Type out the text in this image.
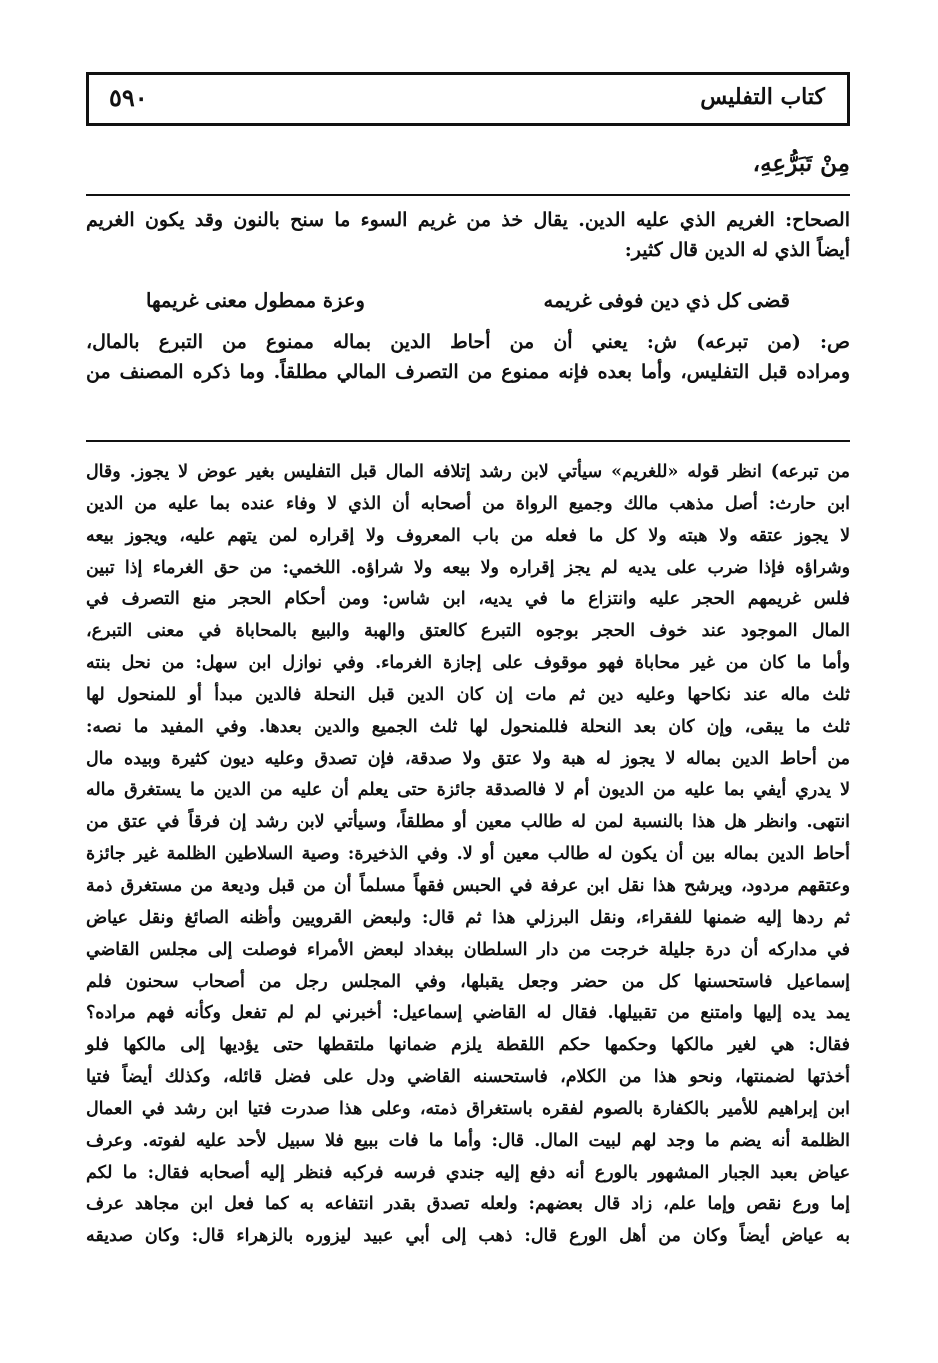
كتاب التفليس
٥٩٠
مِنْ تَبَرُّعِهِ،
الصحاح: الغريم الذي عليه الدين. يقال خذ من غريم السوء ما سنح بالنون وقد يكون الغريم
أيضاً الذي له الدين قال كثير:
قضى كل ذي دين فوفى غريمه
وعزة ممطول معنى غريمها
ص: (من تبرعه) ش: يعني أن من أحاط الدين بماله ممنوع من التبرع بالمال،
ومراده قبل التفليس، وأما بعده فإنه ممنوع من التصرف المالي مطلقاً. وما ذكره المصنف من
من تبرعه) انظر قوله «للغريم» سيأتي لابن رشد إتلافه المال قبل التفليس بغير عوض لا يجوز. وقال
ابن حارث: أصل مذهب مالك وجميع الرواة من أصحابه أن الذي لا وفاء عنده بما عليه من الدين
لا يجوز عتقه ولا هبته ولا كل ما فعله من باب المعروف ولا إقراره لمن يتهم عليه، ويجوز بيعه
وشراؤه فإذا ضرب على يديه لم يجز إقراره ولا بيعه ولا شراؤه. اللخمي: من حق الغرماء إذا تبين
فلس غريمهم الحجر عليه وانتزاع ما في يديه، ابن شاس: ومن أحكام الحجر منع التصرف في
المال الموجود عند خوف الحجر بوجوه التبرع كالعتق والهبة والبيع بالمحاباة في معنى التبرع،
وأما ما كان من غير محاباة فهو موقوف على إجازة الغرماء. وفي نوازل ابن سهل: من نحل بنته
ثلث ماله عند نكاحها وعليه دين ثم مات إن كان الدين قبل النحلة فالدين مبدأ أو للمنحول لها
ثلث ما يبقى، وإن كان بعد النحلة فللمنحول لها ثلث الجميع والدين بعدها. وفي المفيد ما نصه:
من أحاط الدين بماله لا يجوز له هبة ولا عتق ولا صدقة، فإن تصدق وعليه ديون كثيرة وبيده مال
لا يدري أيفي بما عليه من الديون أم لا فالصدقة جائزة حتى يعلم أن عليه من الدين ما يستغرق ماله
انتهى. وانظر هل هذا بالنسبة لمن له طالب معين أو مطلقاً، وسيأتي لابن رشد إن فرقاً في عتق من
أحاط الدين بماله بين أن يكون له طالب معين أو لا. وفي الذخيرة: وصية السلاطين الظلمة غير جائزة
وعتقهم مردود، ويرشح هذا نقل ابن عرفة في الحبس فقهاً مسلماً أن من قبل وديعة من مستغرق ذمة
ثم ردها إليه ضمنها للفقراء، ونقل البرزلي هذا ثم قال: ولبعض القرويين وأظنه الصائغ ونقل عياض
في مداركه أن درة جليلة خرجت من دار السلطان ببغداد لبعض الأمراء فوصلت إلى مجلس القاضي
إسماعيل فاستحسنها كل من حضر وجعل يقبلها، وفي المجلس رجل من أصحاب سحنون فلم
يمد يده إليها وامتنع من تقبيلها. فقال له القاضي إسماعيل: أخبرني لم لم تفعل وكأنه فهم مراده؟
فقال: هي لغير مالكها وحكمها حكم اللقطة يلزم ضمانها ملتقطها حتى يؤديها إلى مالكها فلو
أخذتها لضمنتها، ونحو هذا من الكلام، فاستحسنه القاضي ودل على فضل قائله، وكذلك أيضاً فتيا
ابن إبراهيم للأمير بالكفارة بالصوم لفقره باستغراق ذمته، وعلى هذا صدرت فتيا ابن رشد في العمال
الظلمة أنه يضم ما وجد لهم لبيت المال. قال: وأما ما فات ببيع فلا سبيل لأحد عليه لفوته. وعرف
عياض بعبد الجبار المشهور بالورع أنه دفع إليه جندي فرسه فركبه فنظر إليه أصحابه فقال: ما لكم
إما ورع نقص وإما علم، زاد قال بعضهم: ولعله تصدق بقدر انتفاعه به كما فعل ابن مجاهد عرف
به عياض أيضاً وكان من أهل الورع قال: ذهب إلى أبي عبيد ليزوره بالزهراء قال: وكان صديقه
